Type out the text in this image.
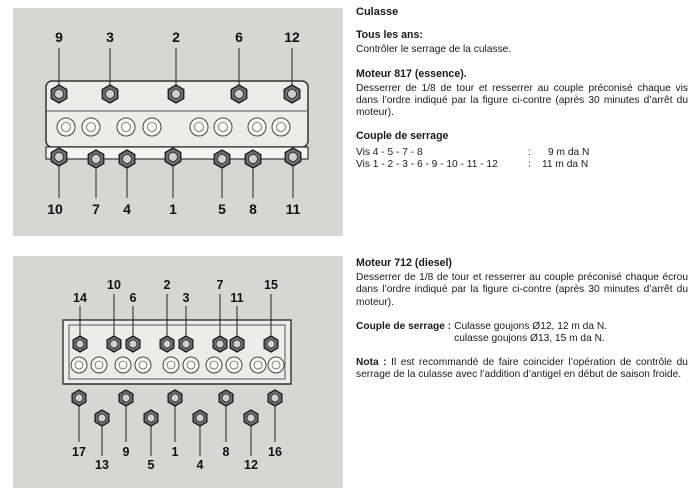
9	3	2	6	12
10 7 4	1	5 8 11
10	2	7	15
14	6	3	11
17	9	1	8	16
13	5	4	12
Culasse
Tous les ans:

Contrôler le serrage de la culasse.

Moteur 817 (essence).

Desserrer de 1/8 de tour et resserrer au couple préconisé chaque vis dans l’ordre indiqué par la figure ci-contre (après 30 minutes d’arrêt du moteur).

Couple de serrage
Vis 4 - 5 - 7 - 8	:	9 m da N
Vis 1 - 2 - 3 - 6 - 9 - 10 - 11 - 12	:	11 m da N
Moteur 712 (diesel)

Desserrer de 1/8 de tour et resserrer au couple préconisé chaque écrou dans l’ordre indiqué par la figure ci-contre (après 30 minutes d’arrêt du moteur).

Couple de serrage : Culasse goujons Ø12, 12 m da N.
culasse goujons Ø13, 15 m da N.

Nota : Il est recommandé de faire coincider l’opération de contrôle du serrage de la culasse avec l’addition d’antigel en début de saison froide.
